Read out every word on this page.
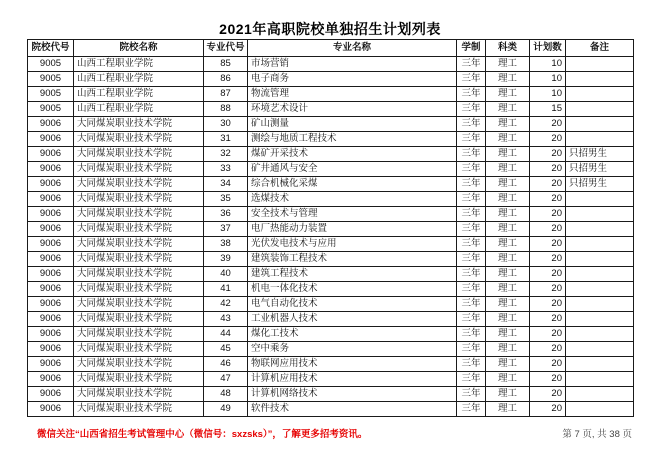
2021年高职院校单独招生计划列表
院校代号	院校名称	专业代号	专业名称	学制	科类	计划数	备注
9005	山西工程职业学院	85	市场营销	三年	理工	10	
9005	山西工程职业学院	86	电子商务	三年	理工	10	
9005	山西工程职业学院	87	物流管理	三年	理工	10	
9005	山西工程职业学院	88	环境艺术设计	三年	理工	15	
9006	大同煤炭职业技术学院	30	矿山测量	三年	理工	20	
9006	大同煤炭职业技术学院	31	测绘与地质工程技术	三年	理工	20	
9006	大同煤炭职业技术学院	32	煤矿开采技术	三年	理工	20	只招男生
9006	大同煤炭职业技术学院	33	矿井通风与安全	三年	理工	20	只招男生
9006	大同煤炭职业技术学院	34	综合机械化采煤	三年	理工	20	只招男生
9006	大同煤炭职业技术学院	35	选煤技术	三年	理工	20	
9006	大同煤炭职业技术学院	36	安全技术与管理	三年	理工	20	
9006	大同煤炭职业技术学院	37	电厂热能动力装置	三年	理工	20	
9006	大同煤炭职业技术学院	38	光伏发电技术与应用	三年	理工	20	
9006	大同煤炭职业技术学院	39	建筑装饰工程技术	三年	理工	20	
9006	大同煤炭职业技术学院	40	建筑工程技术	三年	理工	20	
9006	大同煤炭职业技术学院	41	机电一体化技术	三年	理工	20	
9006	大同煤炭职业技术学院	42	电气自动化技术	三年	理工	20	
9006	大同煤炭职业技术学院	43	工业机器人技术	三年	理工	20	
9006	大同煤炭职业技术学院	44	煤化工技术	三年	理工	20	
9006	大同煤炭职业技术学院	45	空中乘务	三年	理工	20	
9006	大同煤炭职业技术学院	46	物联网应用技术	三年	理工	20	
9006	大同煤炭职业技术学院	47	计算机应用技术	三年	理工	20	
9006	大同煤炭职业技术学院	48	计算机网络技术	三年	理工	20	
9006	大同煤炭职业技术学院	49	软件技术	三年	理工	20	
微信关注“山西省招生考试管理中心（微信号：sxzsks）”，了解更多招考资讯。	第 7 页, 共 38 页
